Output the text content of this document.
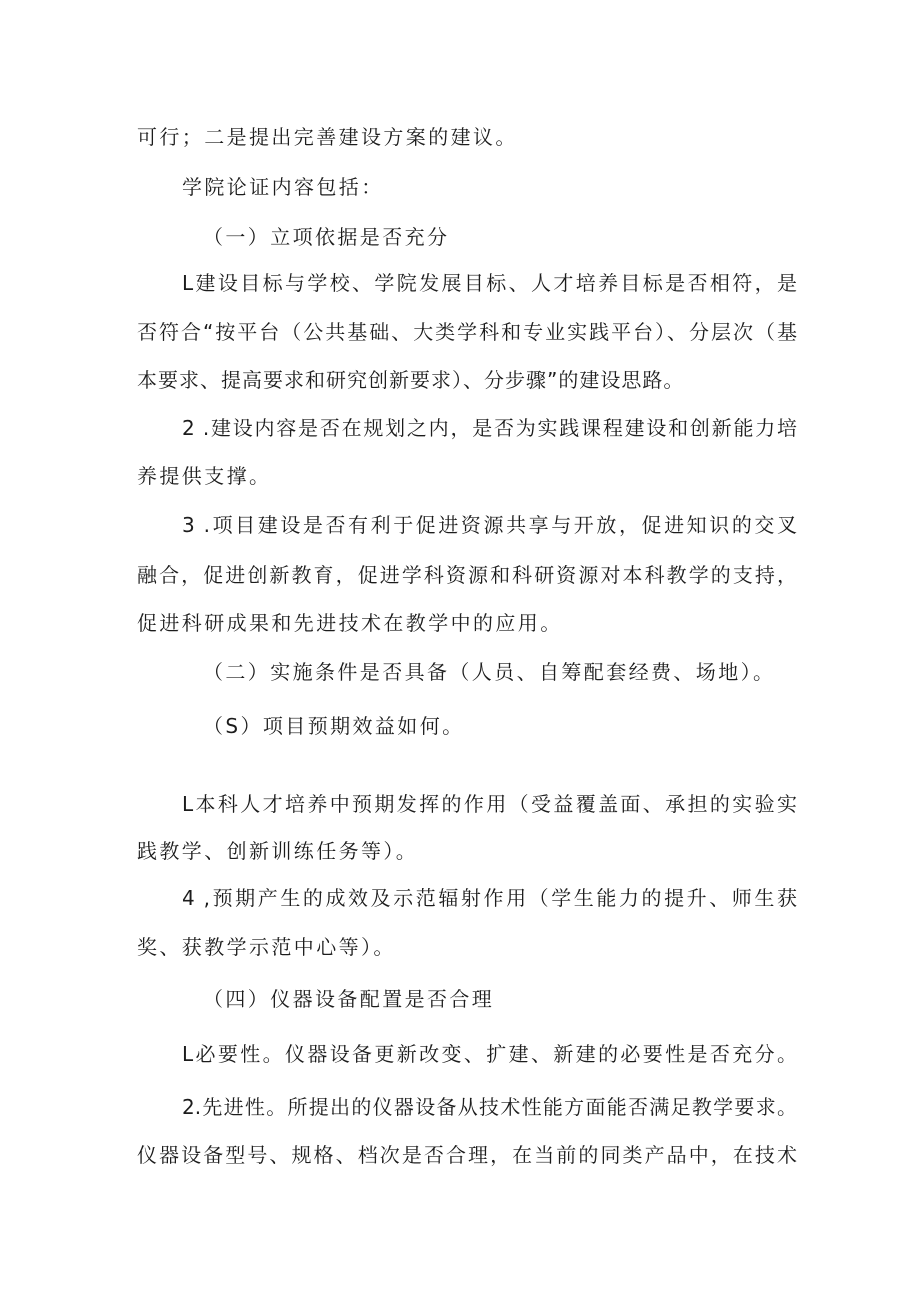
可行；二是提出完善建设方案的建议。
学院论证内容包括：
（一）立项依据是否充分
L建设目标与学校、学院发展目标、人才培养目标是否相符，是
否符合“按平台（公共基础、大类学科和专业实践平台）、分层次（基
本要求、提高要求和研究创新要求）、分步骤”的建设思路。
2 .建设内容是否在规划之内，是否为实践课程建设和创新能力培
养提供支撑。
3 .项目建设是否有利于促进资源共享与开放，促进知识的交叉
融合，促进创新教育，促进学科资源和科研资源对本科教学的支持，
促进科研成果和先进技术在教学中的应用。
（二）实施条件是否具备（人员、自筹配套经费、场地）。
（S）项目预期效益如何。
L本科人才培养中预期发挥的作用（受益覆盖面、承担的实验实
践教学、创新训练任务等）。
4 ,预期产生的成效及示范辐射作用（学生能力的提升、师生获
奖、获教学示范中心等）。
（四）仪器设备配置是否合理
L必要性。仪器设备更新改变、扩建、新建的必要性是否充分。
2.先进性。所提出的仪器设备从技术性能方面能否满足教学要求。
仪器设备型号、规格、档次是否合理，在当前的同类产品中，在技术
